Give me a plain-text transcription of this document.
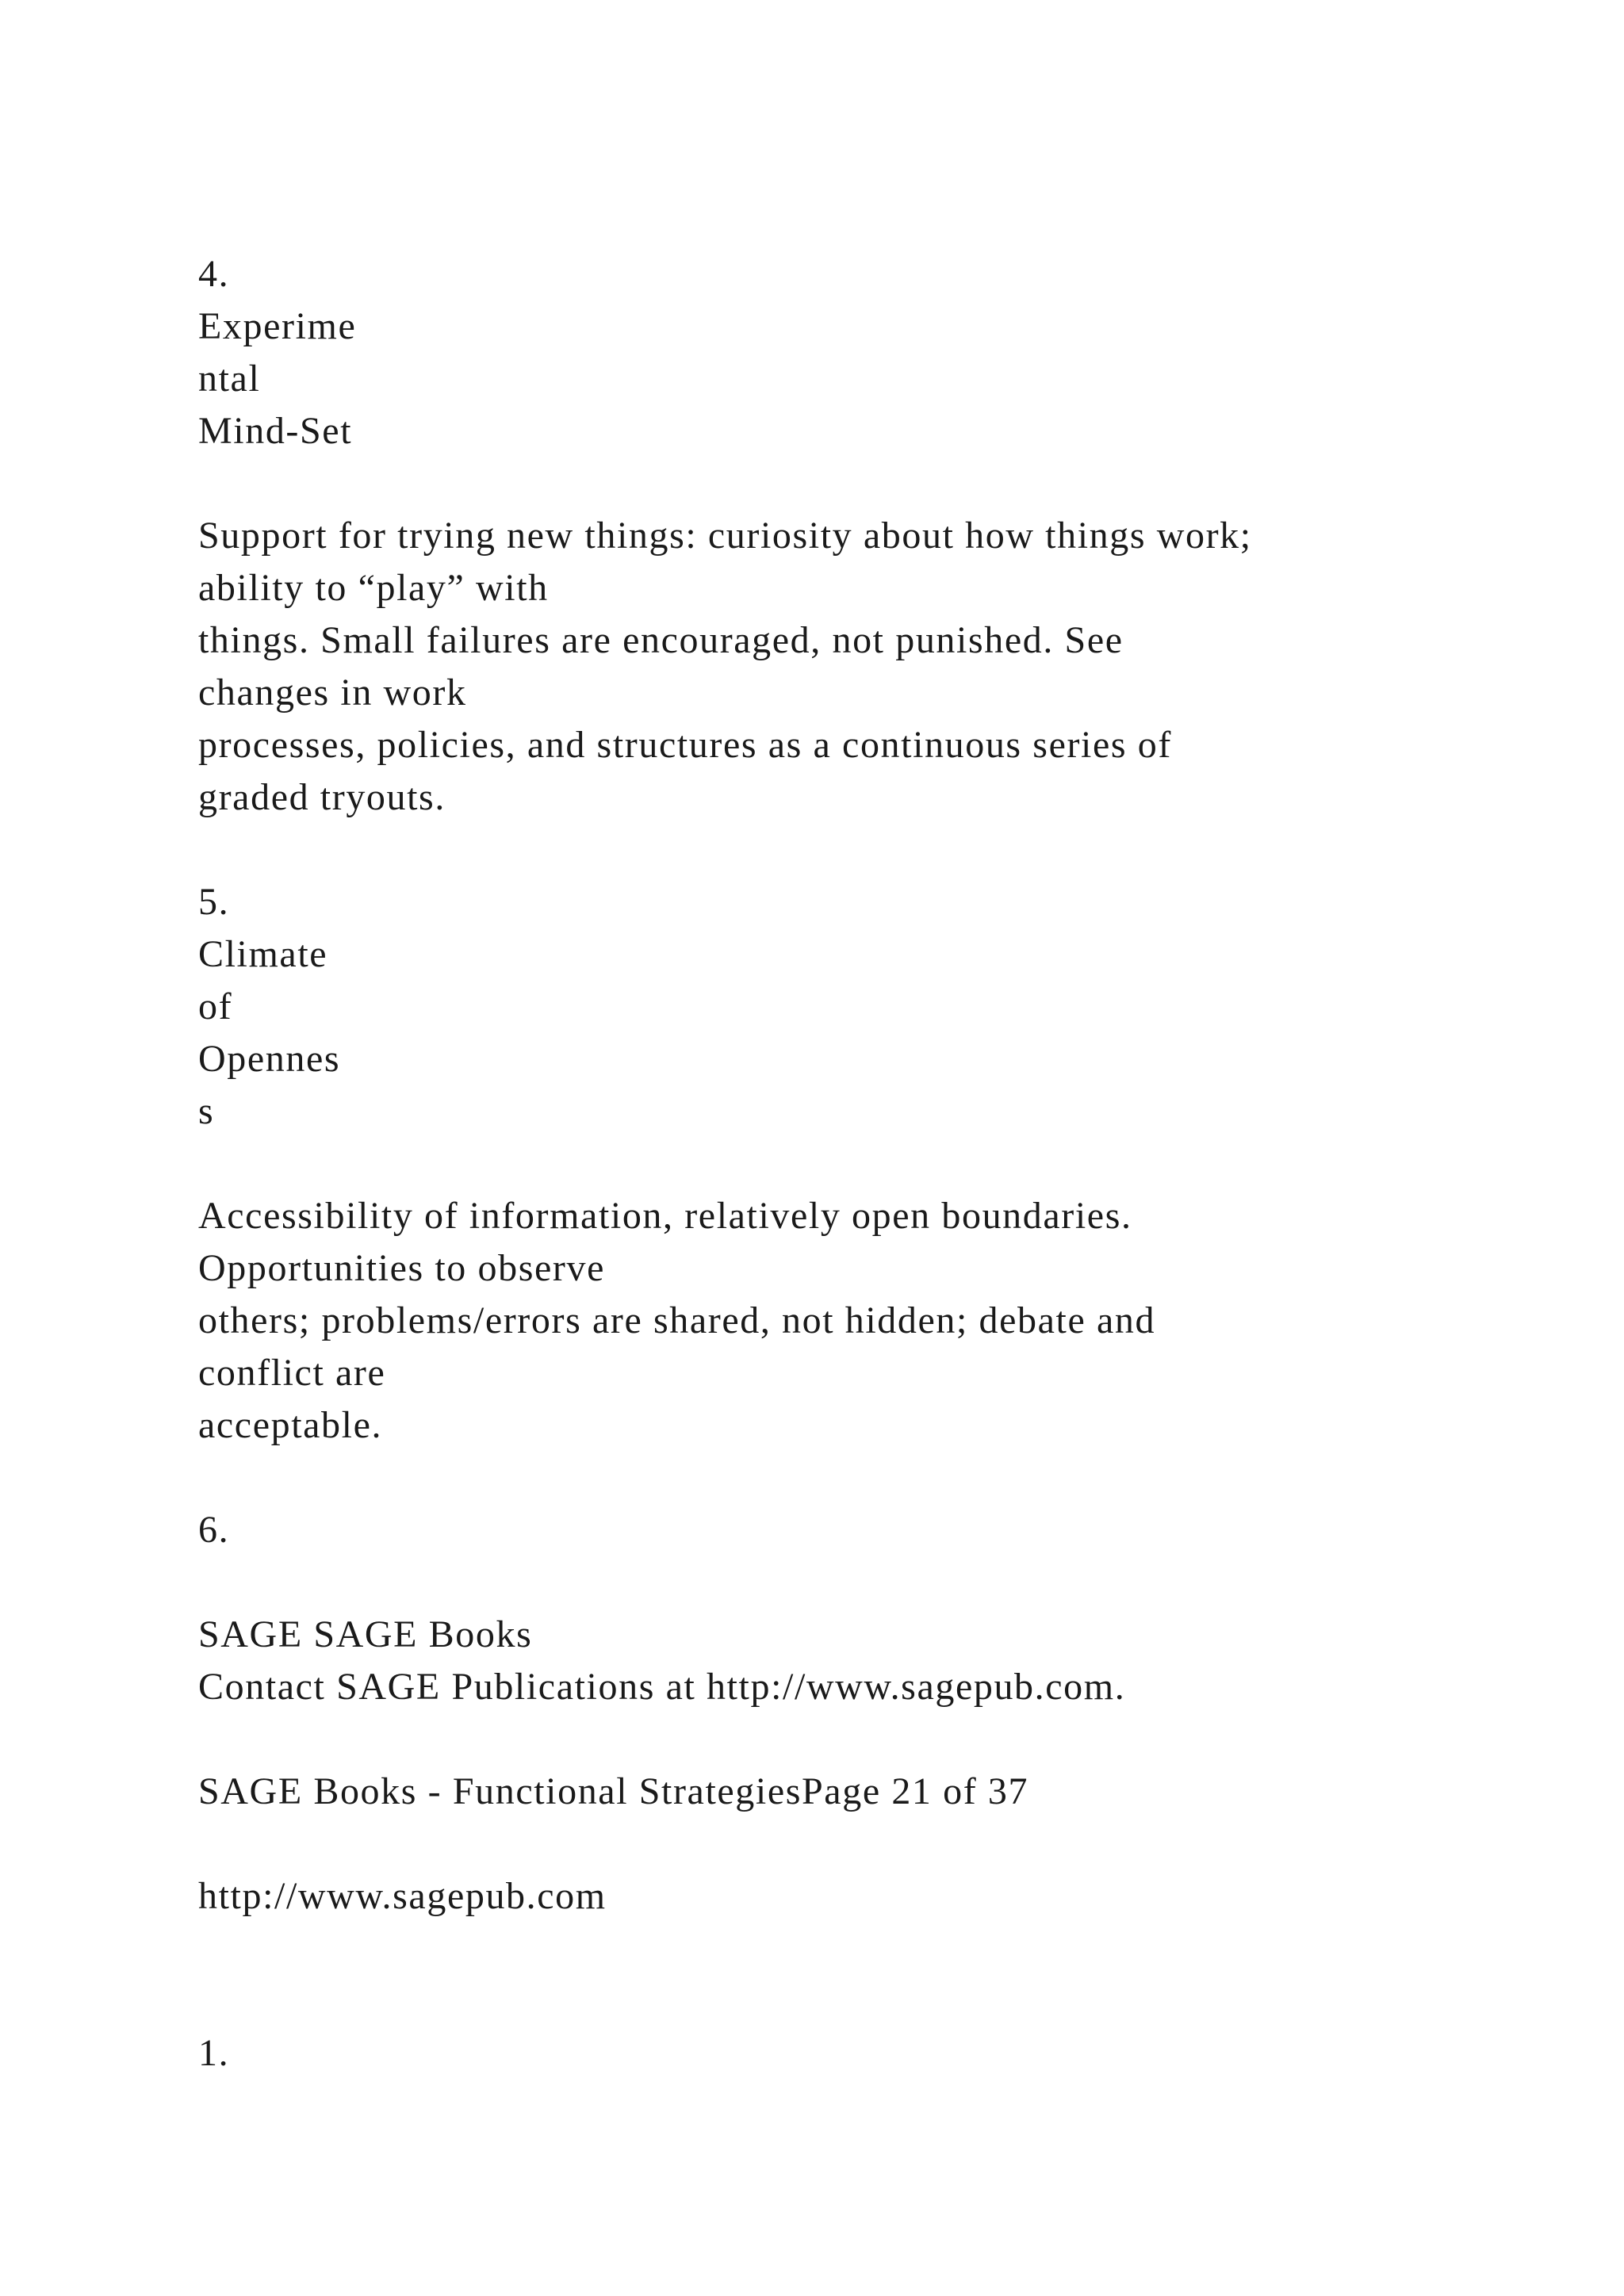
4.

Experime

ntal

Mind-Set

Support for trying new things: curiosity about how things work;

ability to “play” with

things. Small failures are encouraged, not punished. See

changes in work

processes, policies, and structures as a continuous series of

graded tryouts.

5.

Climate

of

Opennes

s

Accessibility of information, relatively open boundaries.

Opportunities to observe

others; problems/errors are shared, not hidden; debate and

conflict are

acceptable.

6.

SAGE SAGE Books

Contact SAGE Publications at http://www.sagepub.com.

SAGE Books - Functional StrategiesPage 21 of 37

http://www.sagepub.com

1.
